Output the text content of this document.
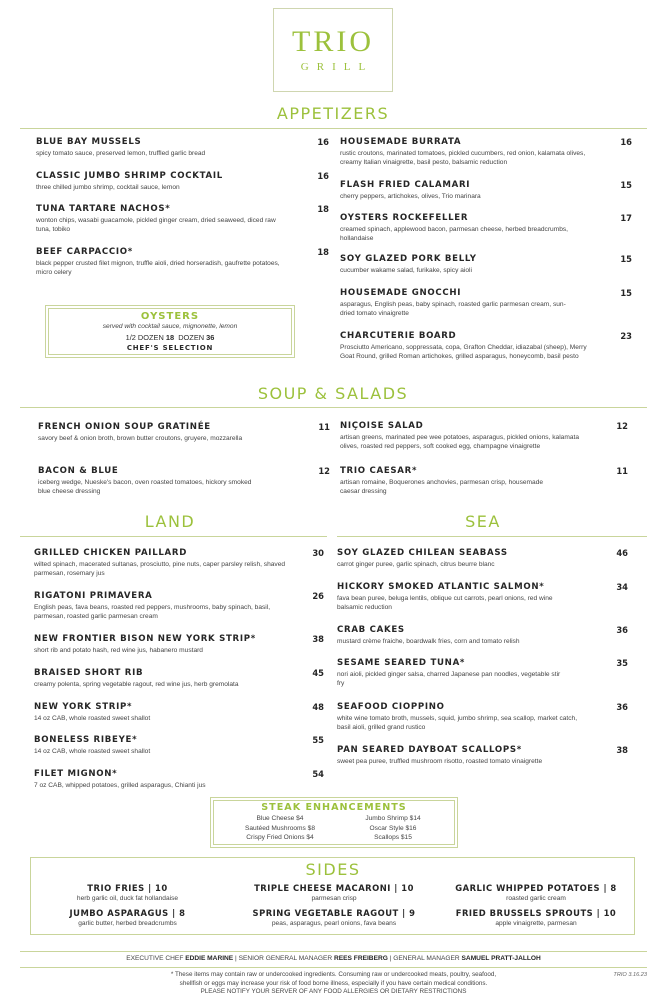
TRIO
GRILL
APPETIZERS
BLUE BAY MUSSELS	16
spicy tomato sauce, preserved lemon, truffled garlic bread
CLASSIC JUMBO SHRIMP COCKTAIL	16
three chilled jumbo shrimp, cocktail sauce, lemon
TUNA TARTARE NACHOS*	18
wonton chips, wasabi guacamole, pickled ginger cream, dried seaweed, diced raw tuna, tobiko
BEEF CARPACCIO*	18
black pepper crusted filet mignon, truffle aioli, dried horseradish, gaufrette potatoes, micro celery
HOUSEMADE BURRATA	16
rustic croutons, marinated tomatoes, pickled cucumbers, red onion, kalamata olives, creamy Italian vinaigrette, basil pesto, balsamic reduction
FLASH FRIED CALAMARI	15
cherry peppers, artichokes, olives, Trio marinara
OYSTERS ROCKEFELLER	17
creamed spinach, applewood bacon, parmesan cheese, herbed breadcrumbs, hollandaise
SOY GLAZED PORK BELLY	15
cucumber wakame salad, furikake, spicy aioli
HOUSEMADE GNOCCHI	15
asparagus, English peas, baby spinach, roasted garlic parmesan cream, sun-dried tomato vinaigrette
CHARCUTERIE BOARD	23
Prosciutto Americano, soppressata, copa, Grafton Cheddar, idiazabal (sheep), Merry Goat Round, grilled Roman artichokes, grilled asparagus, honeycomb, basil pesto
OYSTERS
served with cocktail sauce, mignonette, lemon
1/2 DOZEN 18 DOZEN 36
CHEF'S SELECTION
SOUP & SALADS
FRENCH ONION SOUP GRATINÉE	11
savory beef & onion broth, brown butter croutons, gruyere, mozzarella
BACON & BLUE	12
iceberg wedge, Nueske's bacon, oven roasted tomatoes, hickory smoked blue cheese dressing
NIÇOISE SALAD	12
artisan greens, marinated pee wee potatoes, asparagus, pickled onions, kalamata olives, roasted red peppers, soft cooked egg, champagne vinaigrette
TRIO CAESAR*	11
artisan romaine, Boquerones anchovies, parmesan crisp, housemade caesar dressing
LAND	SEA
GRILLED CHICKEN PAILLARD	30
wilted spinach, macerated sultanas, prosciutto, pine nuts, caper parsley relish, shaved parmesan, rosemary jus
RIGATONI PRIMAVERA	26
English peas, fava beans, roasted red peppers, mushrooms, baby spinach, basil, parmesan, roasted garlic parmesan cream
NEW FRONTIER BISON NEW YORK STRIP*	38
short rib and potato hash, red wine jus, habanero mustard
BRAISED SHORT RIB	45
creamy polenta, spring vegetable ragout, red wine jus, herb gremolata
NEW YORK STRIP*	48
14 oz CAB, whole roasted sweet shallot
BONELESS RIBEYE*	55
14 oz CAB, whole roasted sweet shallot
FILET MIGNON*	54
7 oz CAB, whipped potatoes, grilled asparagus, Chianti jus
SOY GLAZED CHILEAN SEABASS	46
carrot ginger puree, garlic spinach, citrus beurre blanc
HICKORY SMOKED ATLANTIC SALMON*	34
fava bean puree, beluga lentils, oblique cut carrots, pearl onions, red wine balsamic reduction
CRAB CAKES	36
mustard crème fraiche, boardwalk fries, corn and tomato relish
SESAME SEARED TUNA*	35
nori aioli, pickled ginger salsa, charred Japanese pan noodles, vegetable stir fry
SEAFOOD CIOPPINO	36
white wine tomato broth, mussels, squid, jumbo shrimp, sea scallop, market catch, basil aioli, grilled grand rustico
PAN SEARED DAYBOAT SCALLOPS*	38
sweet pea puree, truffled mushroom risotto, roasted tomato vinaigrette
STEAK ENHANCEMENTS
Blue Cheese $4
Sautéed Mushrooms $8
Crispy Fried Onions $4
Jumbo Shrimp $14
Oscar Style $16
Scallops $15
SIDES
TRIO FRIES | 10
herb garlic oil, duck fat hollandaise
JUMBO ASPARAGUS | 8
garlic butter, herbed breadcrumbs
TRIPLE CHEESE MACARONI | 10
parmesan crisp
SPRING VEGETABLE RAGOUT | 9
peas, asparagus, pearl onions, fava beans
GARLIC WHIPPED POTATOES | 8
roasted garlic cream
FRIED BRUSSELS SPROUTS | 10
apple vinaigrette, parmesan
EXECUTIVE CHEF EDDIE MARINE | SENIOR GENERAL MANAGER REES FREIBERG | GENERAL MANAGER SAMUEL PRATT-JALLOH
* These items may contain raw or undercooked ingredients. Consuming raw or undercooked meats, poultry, seafood,
shellfish or eggs may increase your risk of food borne illness, especially if you have certain medical conditions.
PLEASE NOTIFY YOUR SERVER OF ANY FOOD ALLERGIES OR DIETARY RESTRICTIONS
TRIO 3.16.23
